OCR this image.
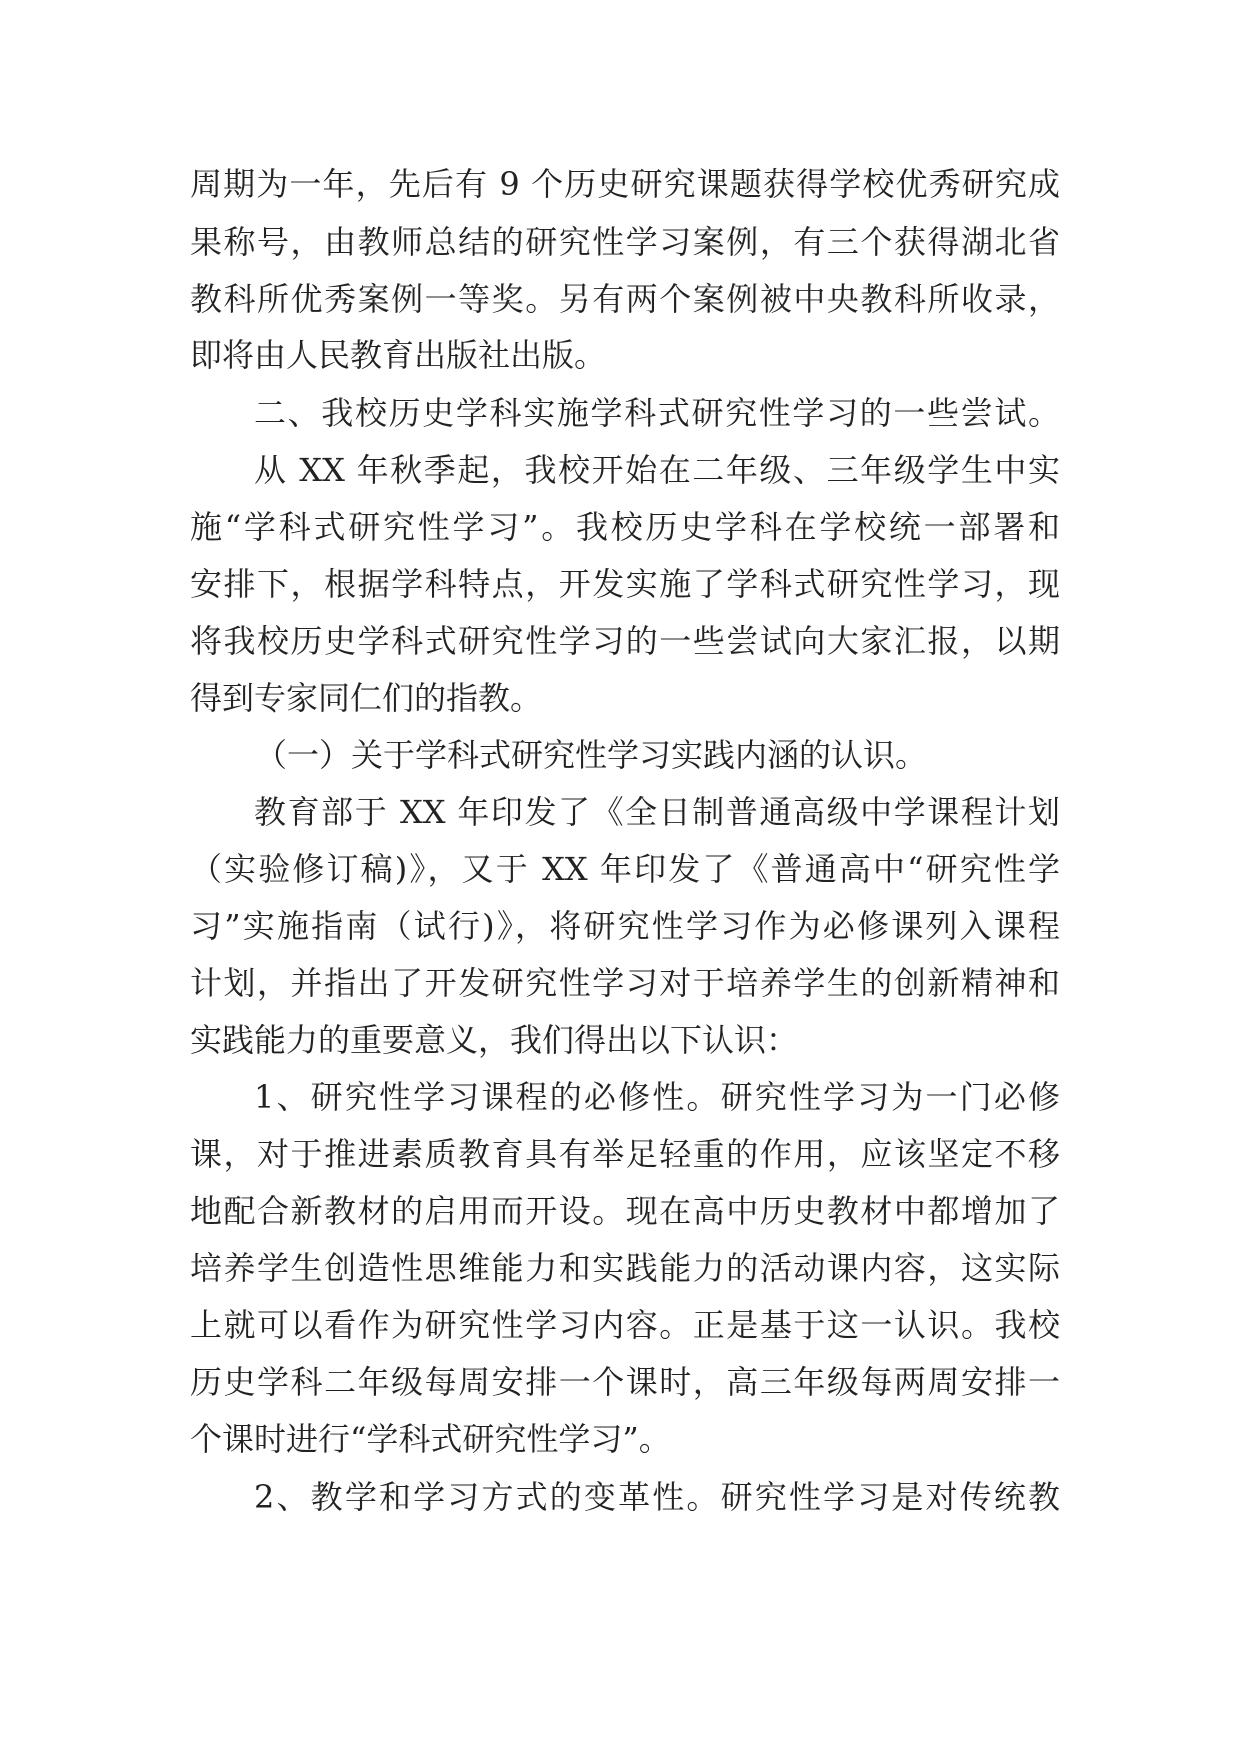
周期为一年，先后有 9 个历史研究课题获得学校优秀研究成

果称号，由教师总结的研究性学习案例，有三个获得湖北省

教科所优秀案例一等奖。另有两个案例被中央教科所收录，

即将由人民教育出版社出版。

二、我校历史学科实施学科式研究性学习的一些尝试。

从 XX 年秋季起，我校开始在二年级、三年级学生中实

施“学科式研究性学习”。我校历史学科在学校统一部署和

安排下，根据学科特点，开发实施了学科式研究性学习，现

将我校历史学科式研究性学习的一些尝试向大家汇报，以期

得到专家同仁们的指教。

（一）关于学科式研究性学习实践内涵的认识。

教育部于 XX 年印发了《全日制普通高级中学课程计划

（实验修订稿)》，又于 XX 年印发了《普通高中“研究性学

习”实施指南（试行)》，将研究性学习作为必修课列入课程

计划，并指出了开发研究性学习对于培养学生的创新精神和

实践能力的重要意义，我们得出以下认识：

1、研究性学习课程的必修性。研究性学习为一门必修

课，对于推进素质教育具有举足轻重的作用，应该坚定不移

地配合新教材的启用而开设。现在高中历史教材中都增加了

培养学生创造性思维能力和实践能力的活动课内容，这实际

上就可以看作为研究性学习内容。正是基于这一认识。我校

历史学科二年级每周安排一个课时，高三年级每两周安排一

个课时进行“学科式研究性学习”。

2、教学和学习方式的变革性。研究性学习是对传统教
